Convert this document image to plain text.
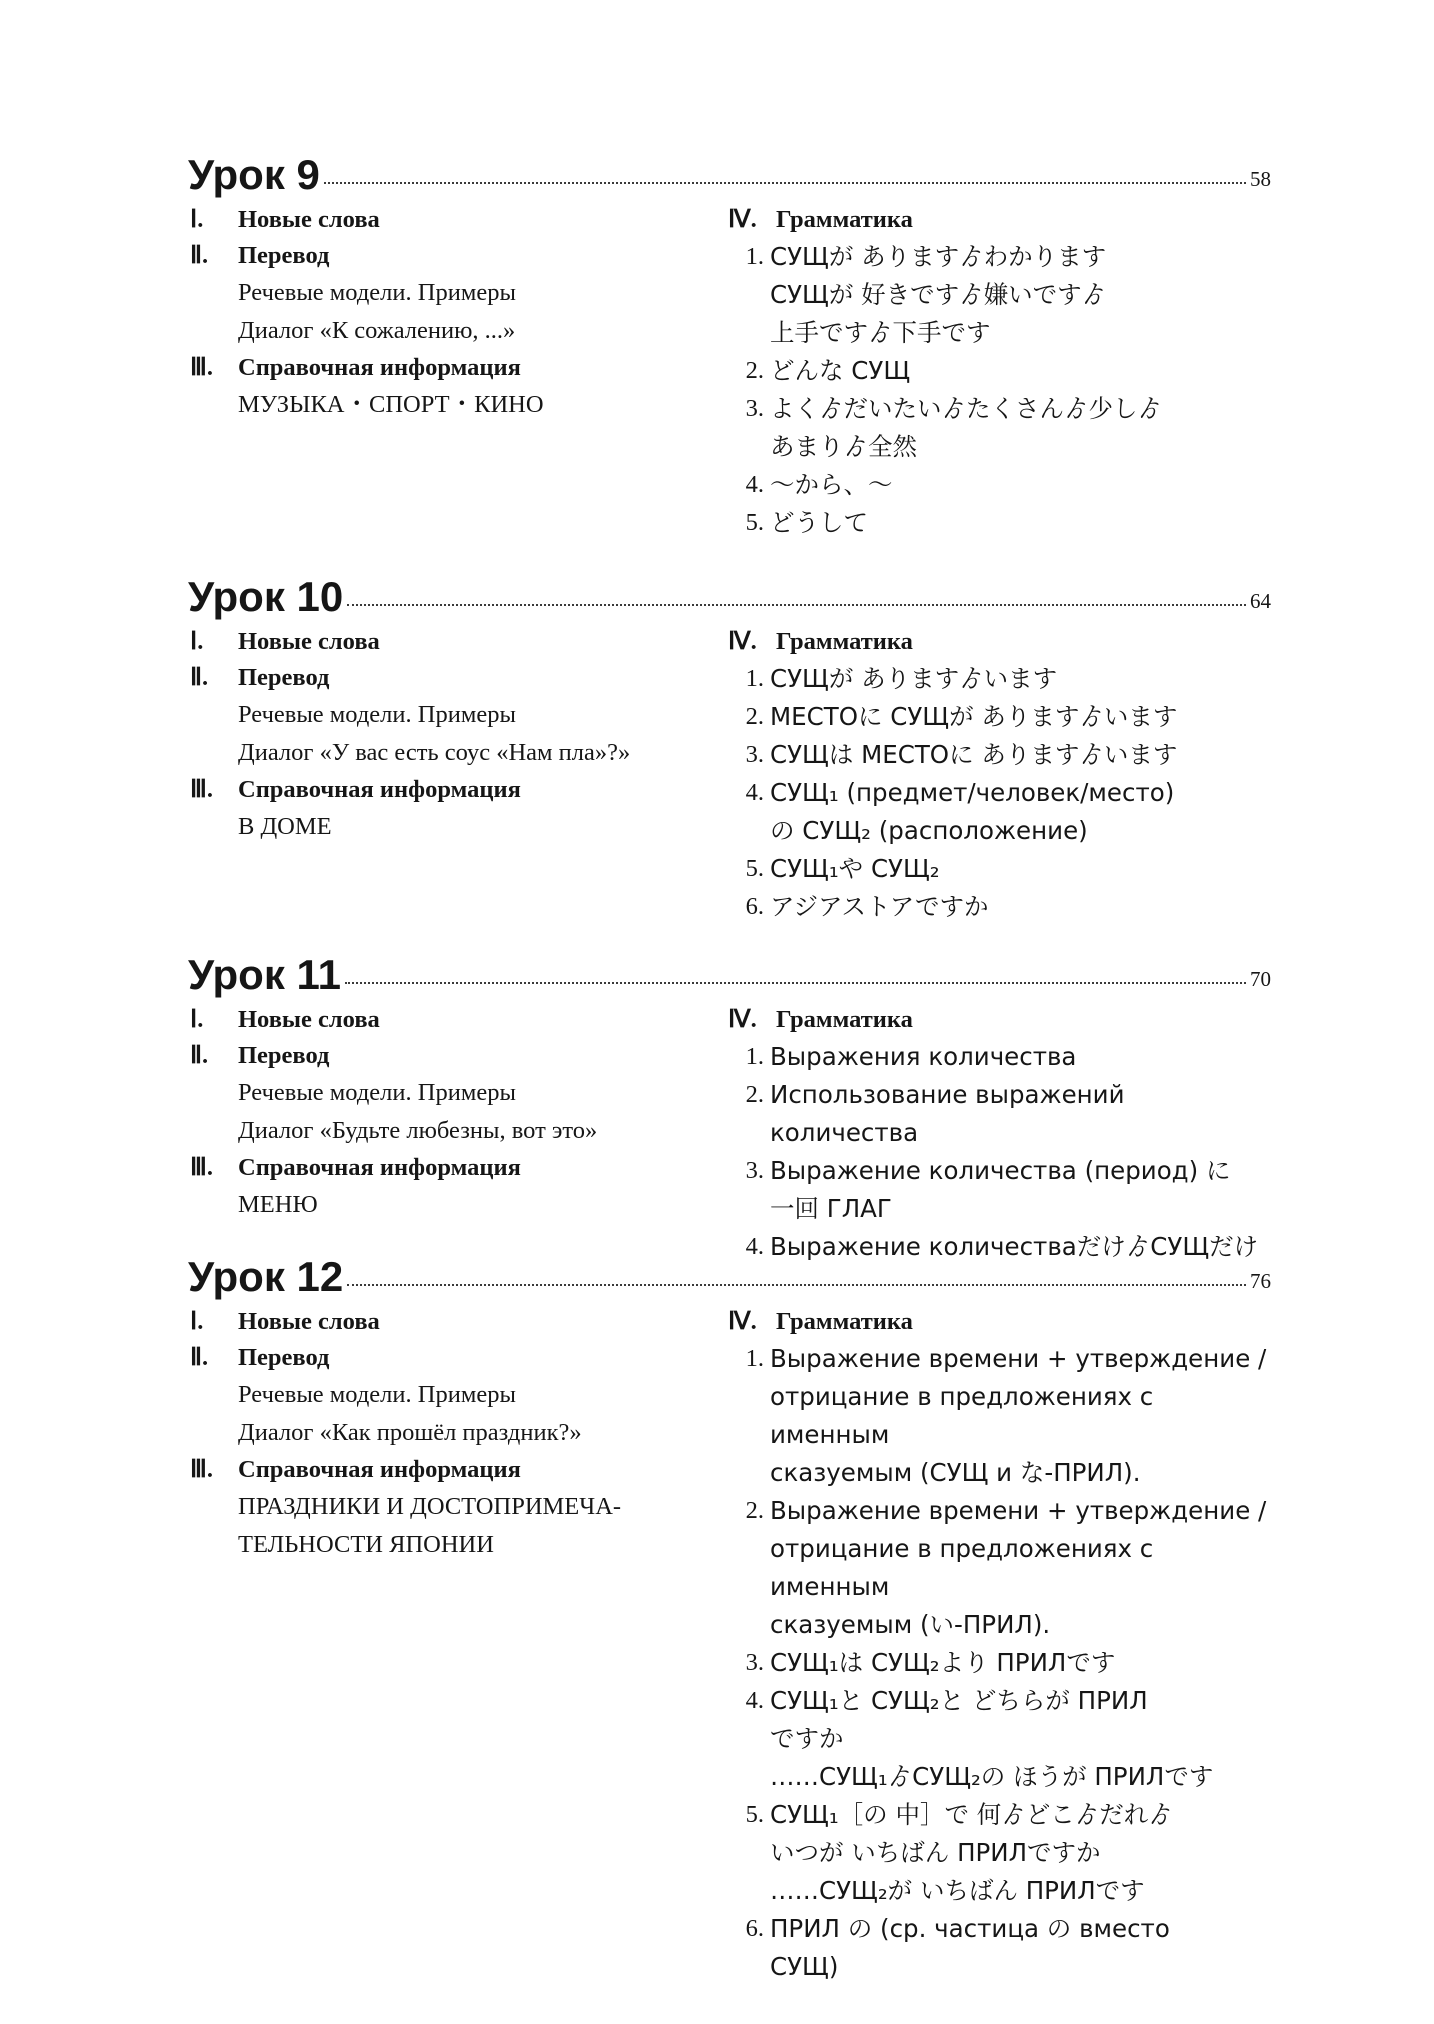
Урок 9	58
Ⅰ. Новые слова
Ⅱ. Перевод
Речевые модели. Примеры
Диалог «К сожалению, ...»
Ⅲ. Справочная информация
МУЗЫКА・СПОРТ・КИНО
Ⅳ. Грамматика
1. СУЩが ありますゟわかります
СУЩが 好きですゟ嫌いですゟ
上手ですゟ下手です
2. どんな СУЩ
3. よくゟだいたいゟたくさんゟ少しゟ
あまりゟ全然
4. ～から、～
5. どうして
Урок 10	64
Ⅰ. Новые слова
Ⅱ. Перевод
Речевые модели. Примеры
Диалог «У вас есть соус «Нам пла»?»
Ⅲ. Справочная информация
В ДОМЕ
Ⅳ. Грамматика
1. СУЩが ありますゟいます
2. МЕСТОに СУЩが ありますゟいます
3. СУЩは МЕСТОに ありますゟいます
4. СУЩ₁ (предмет/человек/место)
の СУЩ₂ (расположение)
5. СУЩ₁や СУЩ₂
6. アジアストアですか
Урок 11	70
Ⅰ. Новые слова
Ⅱ. Перевод
Речевые модели. Примеры
Диалог «Будьте любезны, вот это»
Ⅲ. Справочная информация
МЕНЮ
Ⅳ. Грамматика
1. Выражения количества
2. Использование выражений количества
3. Выражение количества (период) に
一回 ГЛАГ
4. Выражение количестваだけゟСУЩだけ
Урок 12	76
Ⅰ. Новые слова
Ⅱ. Перевод
Речевые модели. Примеры
Диалог «Как прошёл праздник?»
Ⅲ. Справочная информация
ПРАЗДНИКИ И ДОСТОПРИМЕЧА-
ТЕЛЬНОСТИ ЯПОНИИ
Ⅳ. Грамматика
1. Выражение времени + утверждение /
отрицание в предложениях с именным
сказуемым (СУЩ и な-ПРИЛ).
2. Выражение времени + утверждение /
отрицание в предложениях с именным
сказуемым (い-ПРИЛ).
3. СУЩ₁は СУЩ₂より ПРИЛです
4. СУЩ₁と СУЩ₂と どちらが ПРИЛ
ですか
……СУЩ₁ゟСУЩ₂の ほうが ПРИЛです
5. СУЩ₁［の 中］で 何ゟどこゟだれゟ
いつが いちばん ПРИЛですか
……СУЩ₂が いちばん ПРИЛです
6. ПРИЛ の (ср. частица の вместо
СУЩ)
